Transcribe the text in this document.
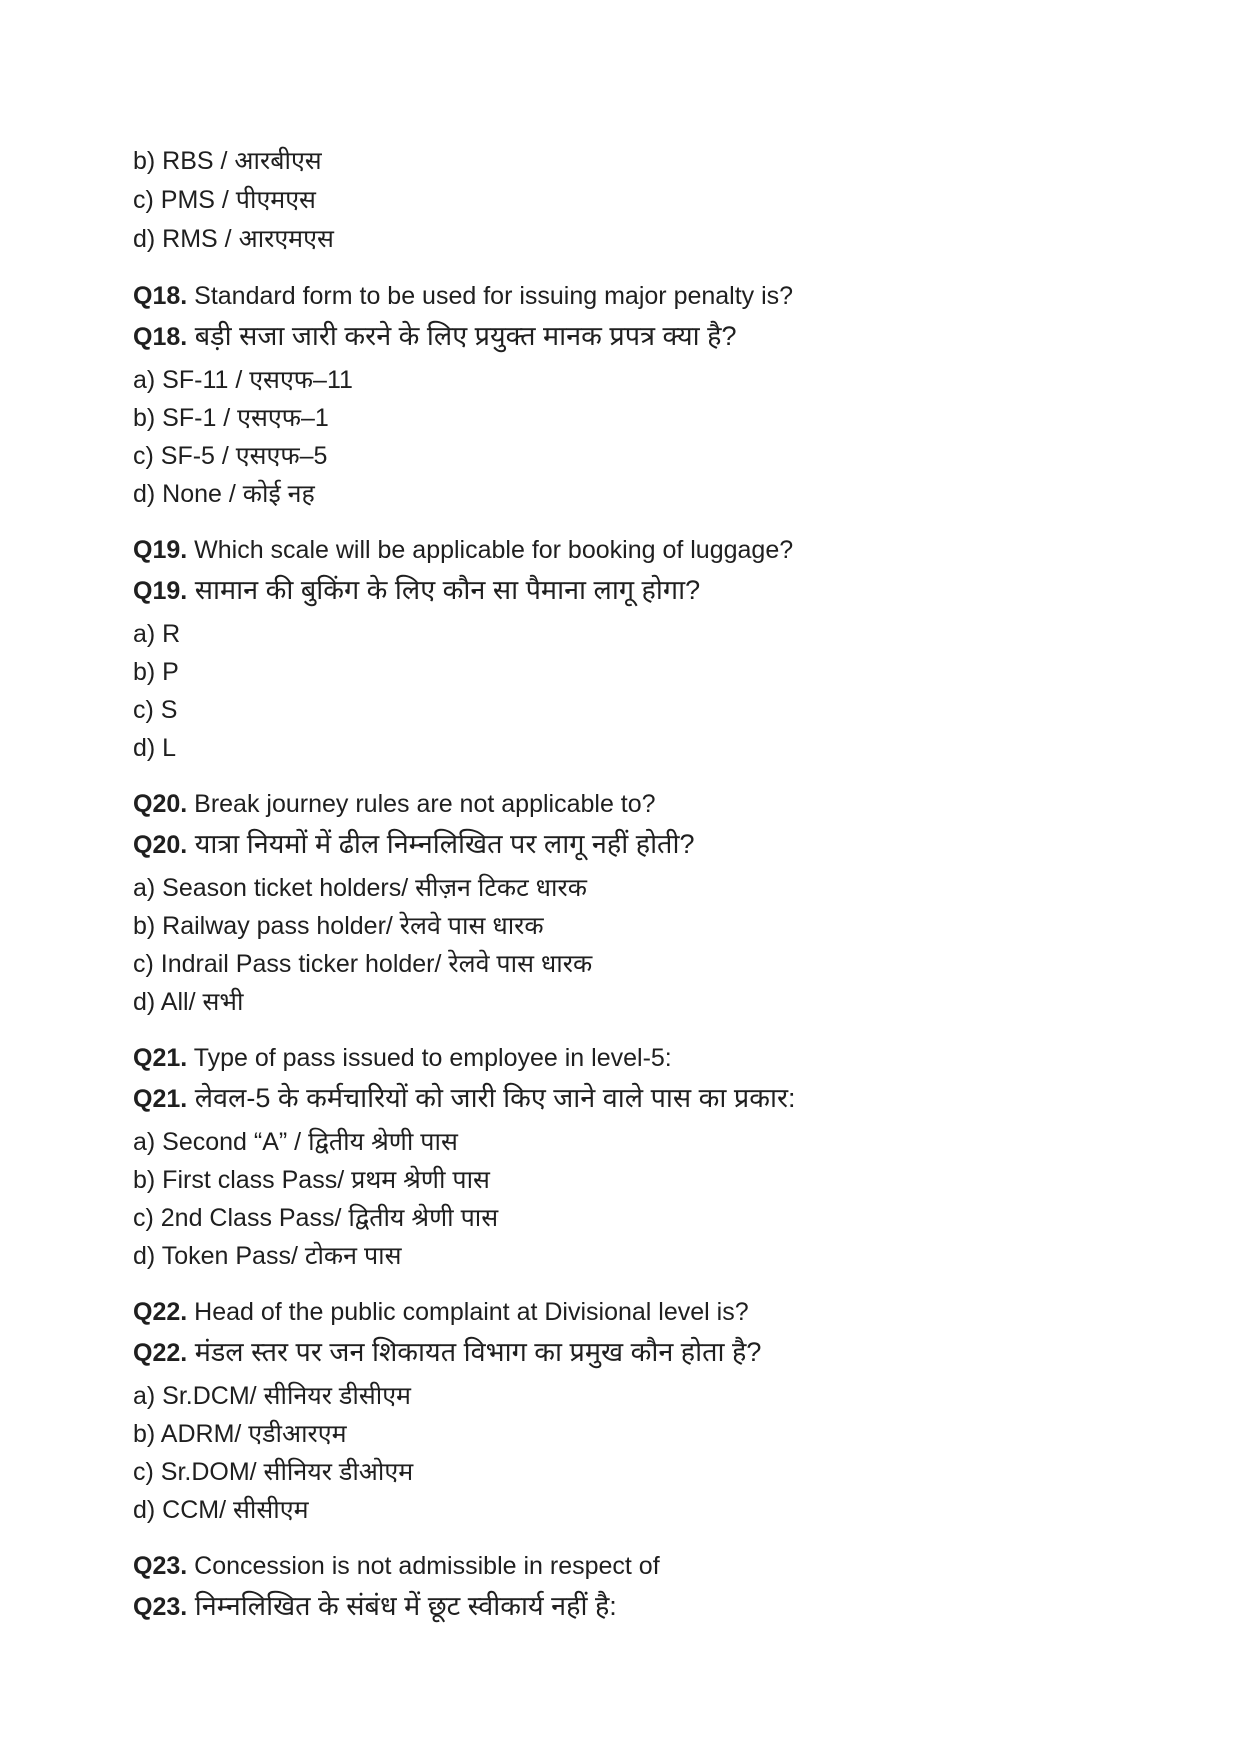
b) RBS / आरबीएस
c) PMS / पीएमएस
d) RMS / आरएमएस
Q18. Standard form to be used for issuing major penalty is?
Q18. बड़ी सजा जारी करने के लिए प्रयुक्त मानक प्रपत्र क्या है?
a) SF-11 / एसएफ–11
b) SF-1 / एसएफ–1
c) SF-5 / एसएफ–5
d) None / कोई नह
Q19. Which scale will be applicable for booking of luggage?
Q19. सामान की बुकिंग के लिए कौन सा पैमाना लागू होगा?
a) R
b) P
c) S
d) L
Q20. Break journey rules are not applicable to?
Q20. यात्रा नियमों में ढील निम्नलिखित पर लागू नहीं होती?
a) Season ticket holders/ सीज़न टिकट धारक
b) Railway pass holder/ रेलवे पास धारक
c) Indrail Pass ticker holder/ रेलवे पास धारक
d) All/ सभी
Q21. Type of pass issued to employee in level-5:
Q21. लेवल-5 के कर्मचारियों को जारी किए जाने वाले पास का प्रकार:
a) Second “A” / द्वितीय श्रेणी पास
b) First class Pass/ प्रथम श्रेणी पास
c) 2nd Class Pass/ द्वितीय श्रेणी पास
d) Token Pass/ टोकन पास
Q22. Head of the public complaint at Divisional level is?
Q22. मंडल स्तर पर जन शिकायत विभाग का प्रमुख कौन होता है?
a) Sr.DCM/ सीनियर डीसीएम
b) ADRM/ एडीआरएम
c) Sr.DOM/ सीनियर डीओएम
d) CCM/ सीसीएम
Q23. Concession is not admissible in respect of
Q23. निम्नलिखित के संबंध में छूट स्वीकार्य नहीं है:
